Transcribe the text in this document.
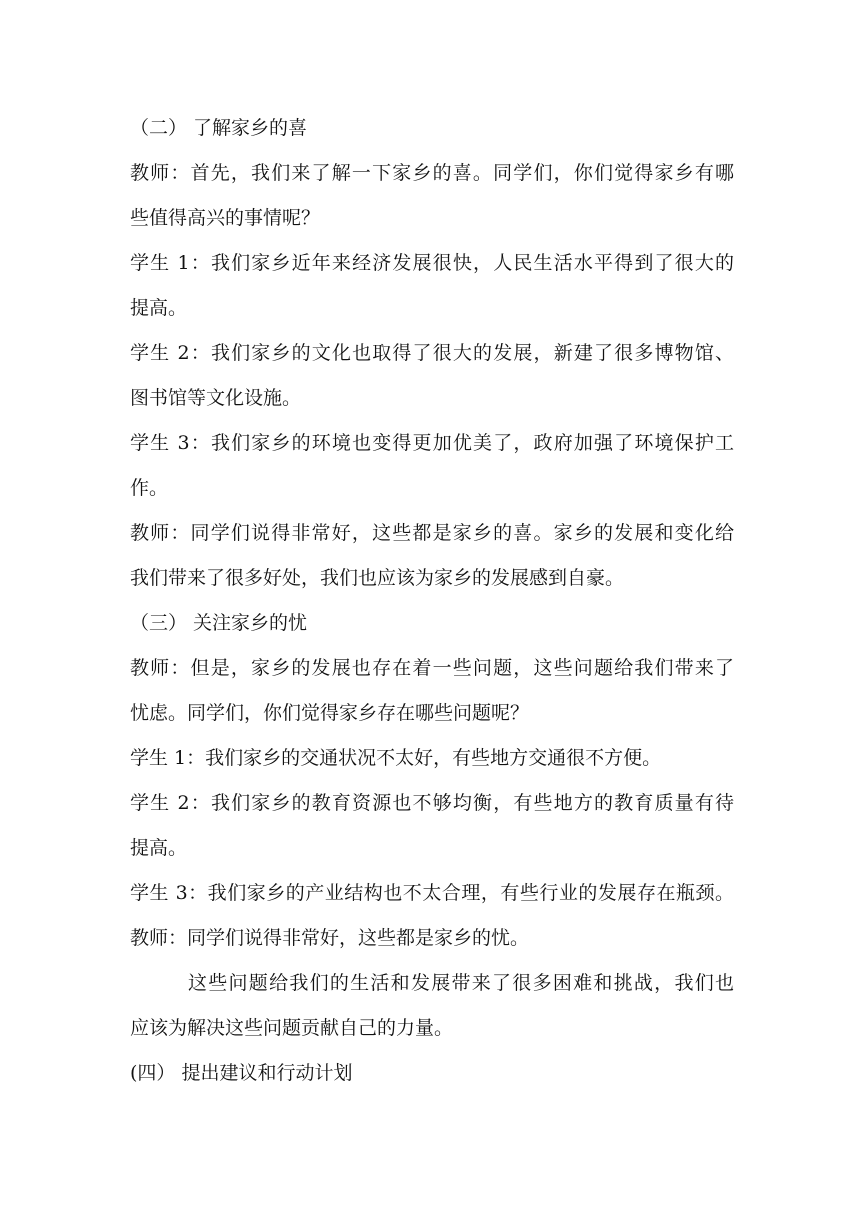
（二） 了解家乡的喜
教师：首先，我们来了解一下家乡的喜。同学们，你们觉得家乡有哪
些值得高兴的事情呢？
学生 1：我们家乡近年来经济发展很快，人民生活水平得到了很大的
提高。
学生 2：我们家乡的文化也取得了很大的发展，新建了很多博物馆、
图书馆等文化设施。
学生 3：我们家乡的环境也变得更加优美了，政府加强了环境保护工
作。
教师：同学们说得非常好，这些都是家乡的喜。家乡的发展和变化给
我们带来了很多好处，我们也应该为家乡的发展感到自豪。
（三） 关注家乡的忧
教师：但是，家乡的发展也存在着一些问题，这些问题给我们带来了
忧虑。同学们，你们觉得家乡存在哪些问题呢？
学生 1：我们家乡的交通状况不太好，有些地方交通很不方便。
学生 2：我们家乡的教育资源也不够均衡，有些地方的教育质量有待
提高。
学生 3：我们家乡的产业结构也不太合理，有些行业的发展存在瓶颈。
教师：同学们说得非常好，这些都是家乡的忧。
这些问题给我们的生活和发展带来了很多困难和挑战，我们也
应该为解决这些问题贡献自己的力量。
(四） 提出建议和行动计划
